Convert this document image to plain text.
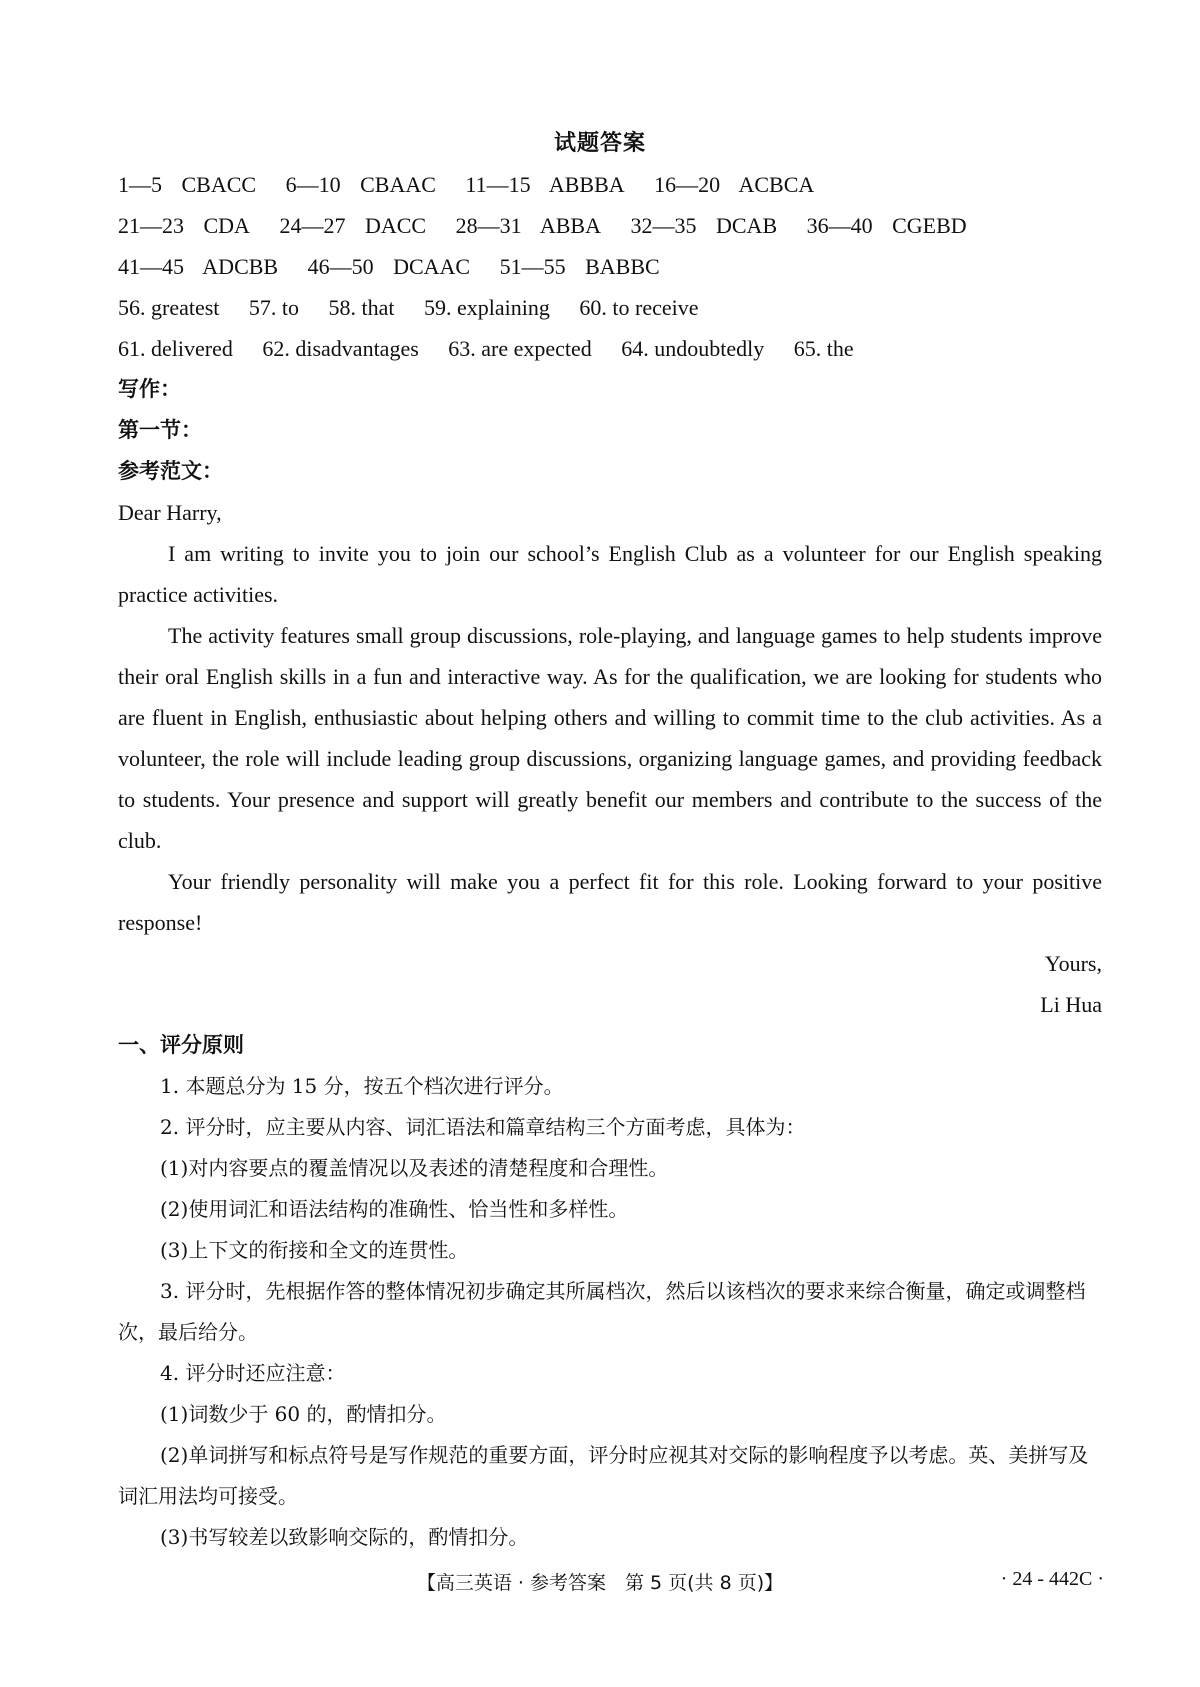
试题答案
1—5 CBACC 6—10 CBAAC 11—15 ABBBA 16—20 ACBCA
21—23 CDA 24—27 DACC 28—31 ABBA 32—35 DCAB 36—40 CGEBD
41—45 ADCBB 46—50 DCAAC 51—55 BABBC
56. greatest 57. to 58. that 59. explaining 60. to receive
61. delivered 62. disadvantages 63. are expected 64. undoubtedly 65. the
写作：
第一节：
参考范文：

Dear Harry,

I am writing to invite you to join our school’s English Club as a volunteer for our English speaking practice activities.

The activity features small group discussions, role-playing, and language games to help students improve their oral English skills in a fun and interactive way. As for the qualification, we are looking for students who are fluent in English, enthusiastic about helping others and willing to commit time to the club activities. As a volunteer, the role will include leading group discussions, organizing language games, and providing feedback to students. Your presence and support will greatly benefit our members and contribute to the success of the club.

Your friendly personality will make you a perfect fit for this role. Looking forward to your positive response!

Yours,

Li Hua

一、评分原则

1. 本题总分为 15 分，按五个档次进行评分。

2. 评分时，应主要从内容、词汇语法和篇章结构三个方面考虑，具体为：

(1)对内容要点的覆盖情况以及表述的清楚程度和合理性。

(2)使用词汇和语法结构的准确性、恰当性和多样性。

(3)上下文的衔接和全文的连贯性。

3. 评分时，先根据作答的整体情况初步确定其所属档次，然后以该档次的要求来综合衡量，确定或调整档次，最后给分。

4. 评分时还应注意：

(1)词数少于 60 的，酌情扣分。

(2)单词拼写和标点符号是写作规范的重要方面，评分时应视其对交际的影响程度予以考虑。英、美拼写及词汇用法均可接受。

(3)书写较差以致影响交际的，酌情扣分。

【高三英语 · 参考答案　第 5 页(共 8 页)】	· 24 - 442C ·
